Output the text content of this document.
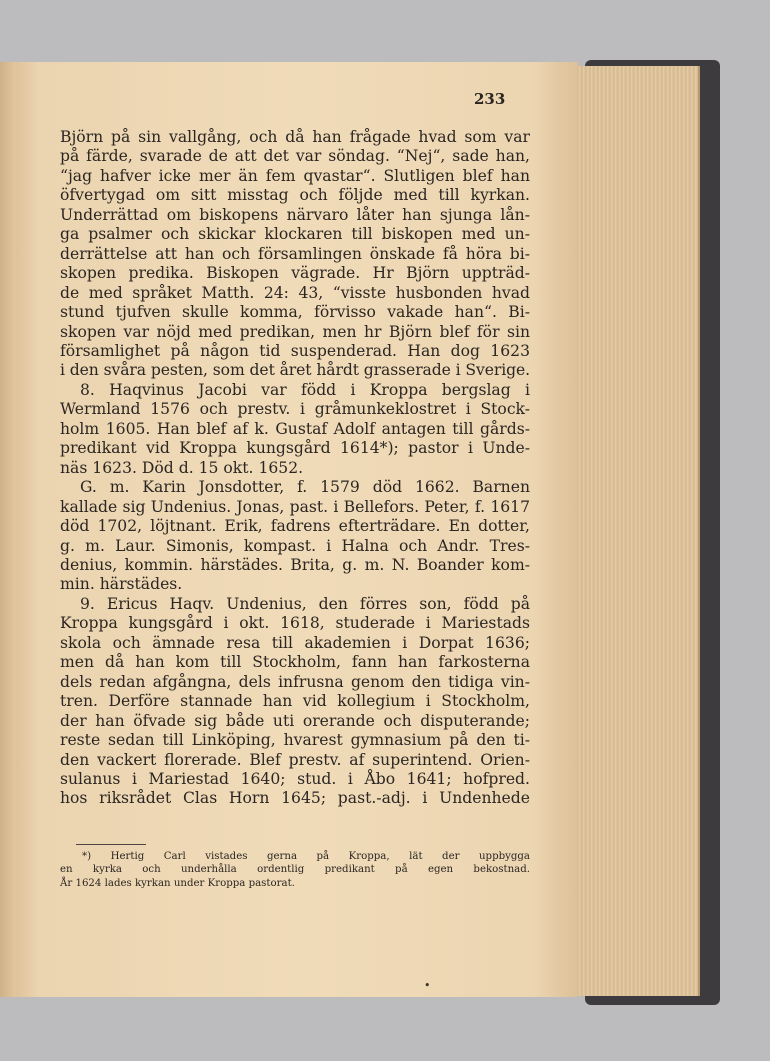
233
Björn på sin vallgång, och då han frågade hvad som var
på färde, svarade de att det var söndag. “Nej“, sade han,
“jag hafver icke mer än fem qvastar“. Slutligen blef han
öfvertygad om sitt misstag och följde med till kyrkan.
Underrättad om biskopens närvaro låter han sjunga lån-
ga psalmer och skickar klockaren till biskopen med un-
derrättelse att han och församlingen önskade få höra bi-
skopen predika. Biskopen vägrade. Hr Björn uppträd-
de med språket Matth. 24: 43, “visste husbonden hvad
stund tjufven skulle komma, förvisso vakade han“. Bi-
skopen var nöjd med predikan, men hr Björn blef för sin
församlighet på någon tid suspenderad. Han dog 1623
i den svåra pesten, som det året hårdt grasserade i Sverige.
8. Haqvinus Jacobi var född i Kroppa bergslag i
Wermland 1576 och prestv. i gråmunkeklostret i Stock-
holm 1605. Han blef af k. Gustaf Adolf antagen till gårds-
predikant vid Kroppa kungsgård 1614*); pastor i Unde-
näs 1623. Död d. 15 okt. 1652.
G. m. Karin Jonsdotter, f. 1579 död 1662. Barnen
kallade sig Undenius. Jonas, past. i Bellefors. Peter, f. 1617
död 1702, löjtnant. Erik, fadrens efterträdare. En dotter,
g. m. Laur. Simonis, kompast. i Halna och Andr. Tres-
denius, kommin. härstädes. Brita, g. m. N. Boander kom-
min. härstädes.
9. Ericus Haqv. Undenius, den förres son, född på
Kroppa kungsgård i okt. 1618, studerade i Mariestads
skola och ämnade resa till akademien i Dorpat 1636;
men då han kom till Stockholm, fann han farkosterna
dels redan afgångna, dels infrusna genom den tidiga vin-
tren. Derföre stannade han vid kollegium i Stockholm,
der han öfvade sig både uti orerande och disputerande;
reste sedan till Linköping, hvarest gymnasium på den ti-
den vackert florerade. Blef prestv. af superintend. Orien-
sulanus i Mariestad 1640; stud. i Åbo 1641; hofpred.
hos riksrådet Clas Horn 1645; past.-adj. i Undenhede
*) Hertig Carl vistades gerna på Kroppa, lät der uppbygga
en kyrka och underhålla ordentlig predikant på egen bekostnad.
År 1624 lades kyrkan under Kroppa pastorat.
•
